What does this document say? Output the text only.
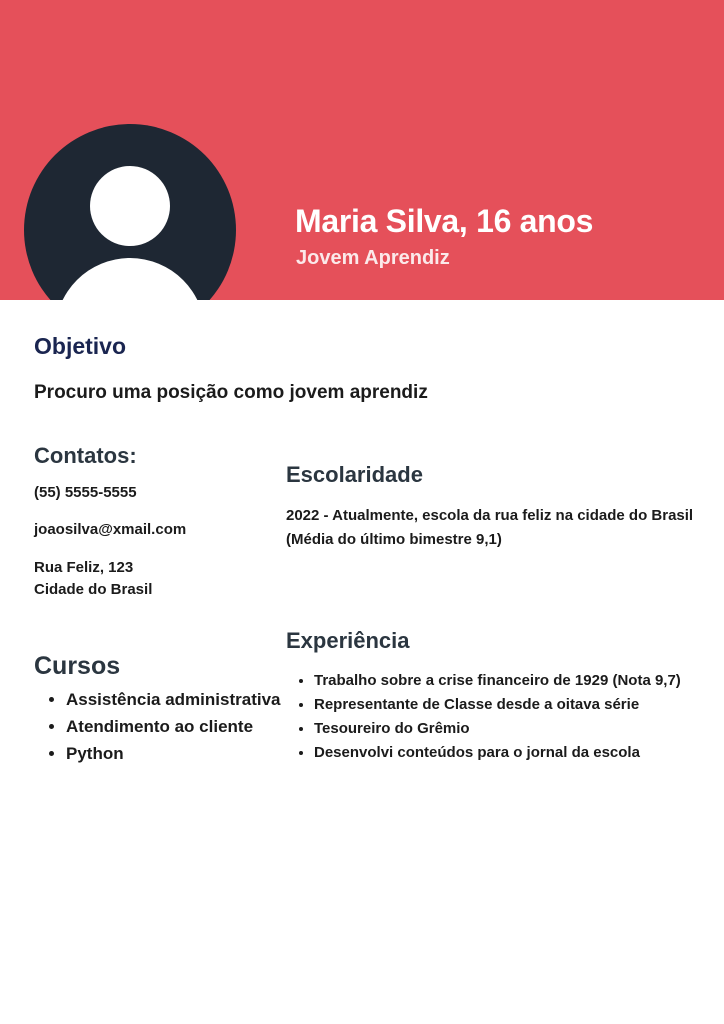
Maria Silva, 16 anos
Jovem Aprendiz
Objetivo
Procuro uma posição como jovem aprendiz
Contatos:
(55) 5555-5555
joaosilva@xmail.com
Rua Feliz, 123
Cidade do Brasil
Cursos
• Assistência administrativa
• Atendimento ao cliente
• Python
Escolaridade
2022 - Atualmente, escola da rua feliz na cidade do Brasil (Média do último bimestre 9,1)
Experiência
• Trabalho sobre a crise financeiro de 1929 (Nota 9,7)
• Representante de Classe desde a oitava série
• Tesoureiro do Grêmio
• Desenvolvi conteúdos para o jornal da escola
